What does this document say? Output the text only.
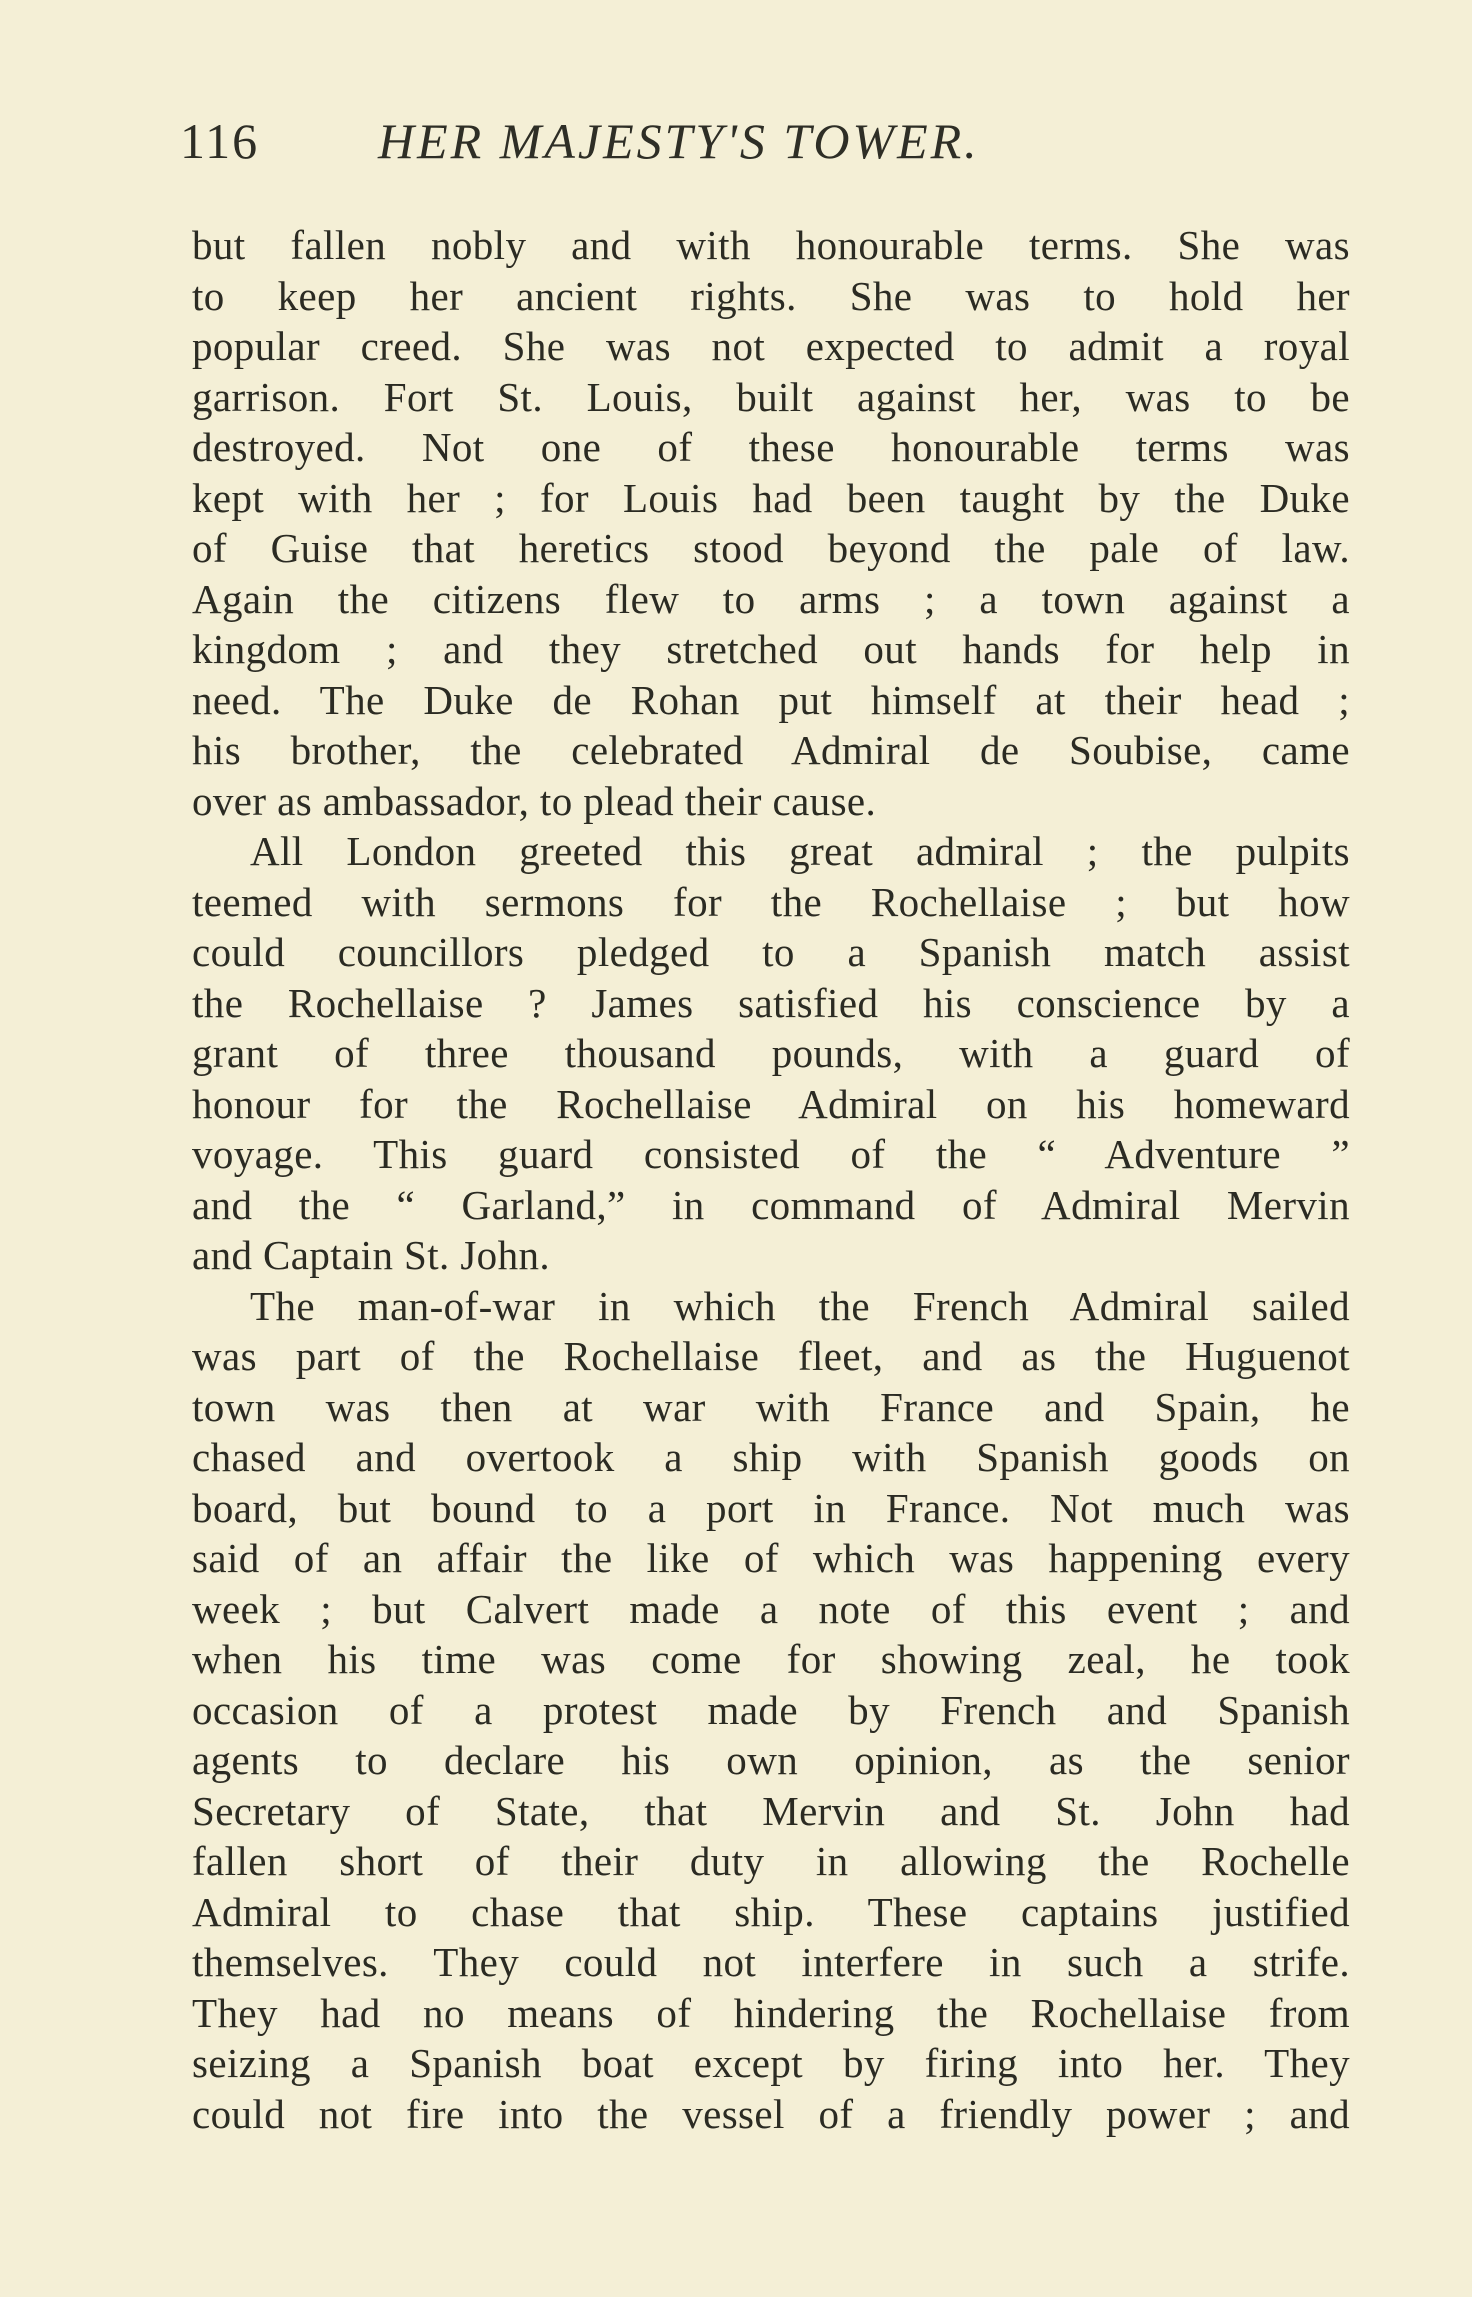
116 HER MAJESTY'S TOWER.
but fallen nobly and with honourable terms. She was
to keep her ancient rights. She was to hold her
popular creed. She was not expected to admit a royal
garrison. Fort St. Louis, built against her, was to be
destroyed. Not one of these honourable terms was
kept with her ; for Louis had been taught by the Duke
of Guise that heretics stood beyond the pale of law.
Again the citizens flew to arms ; a town against a
kingdom ; and they stretched out hands for help in
need. The Duke de Rohan put himself at their head ;
his brother, the celebrated Admiral de Soubise, came
over as ambassador, to plead their cause.
All London greeted this great admiral ; the pulpits
teemed with sermons for the Rochellaise ; but how
could councillors pledged to a Spanish match assist
the Rochellaise ? James satisfied his conscience by a
grant of three thousand pounds, with a guard of
honour for the Rochellaise Admiral on his homeward
voyage. This guard consisted of the “ Adventure ”
and the “ Garland,” in command of Admiral Mervin
and Captain St. John.
The man-of-war in which the French Admiral sailed
was part of the Rochellaise fleet, and as the Huguenot
town was then at war with France and Spain, he
chased and overtook a ship with Spanish goods on
board, but bound to a port in France. Not much was
said of an affair the like of which was happening every
week ; but Calvert made a note of this event ; and
when his time was come for showing zeal, he took
occasion of a protest made by French and Spanish
agents to declare his own opinion, as the senior
Secretary of State, that Mervin and St. John had
fallen short of their duty in allowing the Rochelle
Admiral to chase that ship. These captains justified
themselves. They could not interfere in such a strife.
They had no means of hindering the Rochellaise from
seizing a Spanish boat except by firing into her. They
could not fire into the vessel of a friendly power ; and
